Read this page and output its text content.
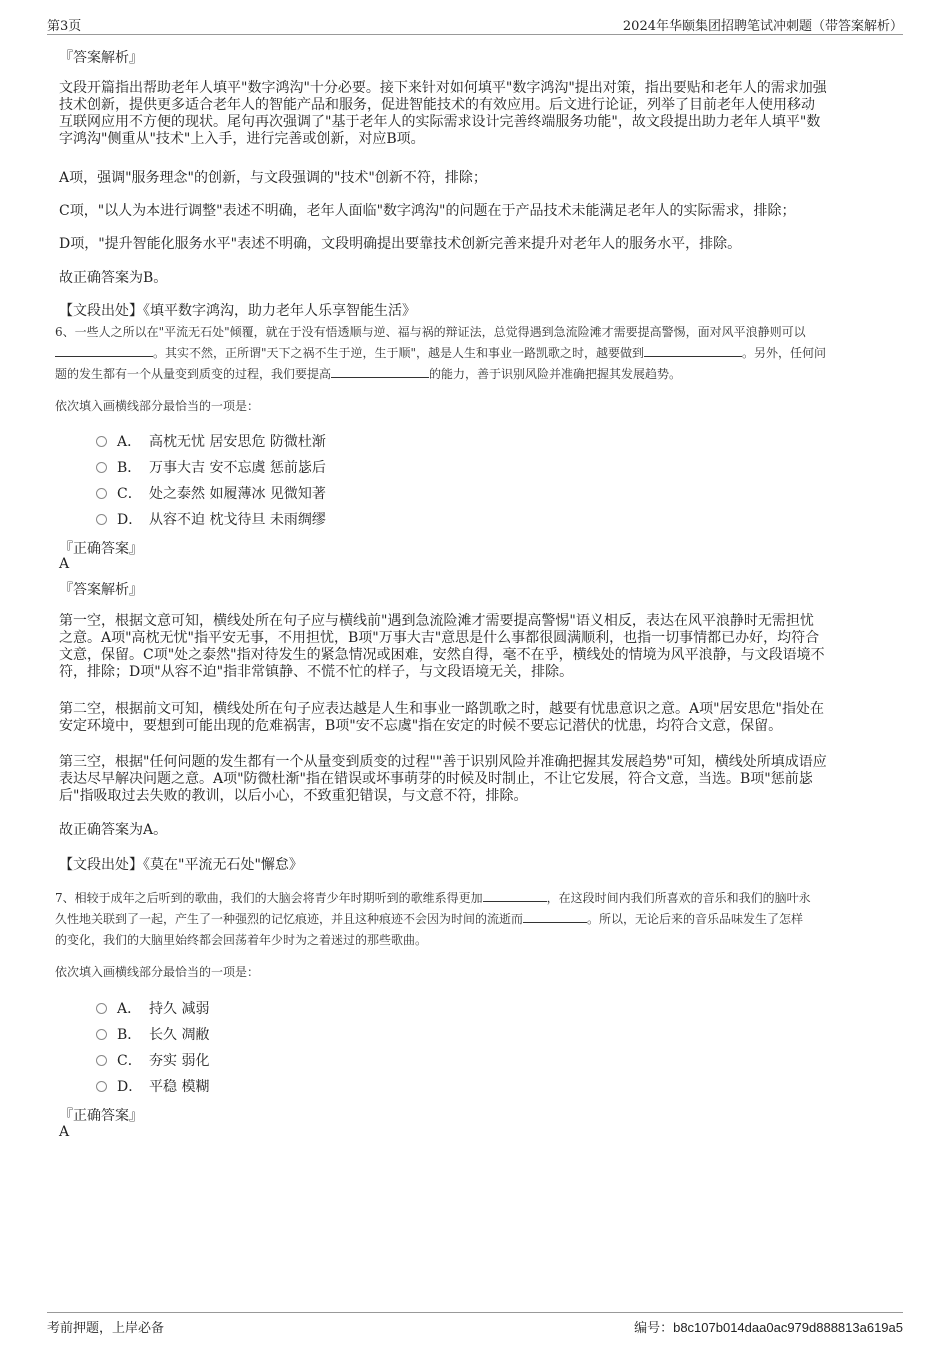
第3页	2024年华颐集团招聘笔试冲刺题（带答案解析）
『答案解析』
文段开篇指出帮助老年人填平"数字鸿沟"十分必要。接下来针对如何填平"数字鸿沟"提出对策，指出要贴和老年人的需求加强
技术创新，提供更多适合老年人的智能产品和服务，促进智能技术的有效应用。后文进行论证，列举了目前老年人使用移动
互联网应用不方便的现状。尾句再次强调了"基于老年人的实际需求设计完善终端服务功能"，故文段提出助力老年人填平"数
字鸿沟"侧重从"技术"上入手，进行完善或创新，对应B项。
A项，强调"服务理念"的创新，与文段强调的"技术"创新不符，排除；
C项，"以人为本进行调整"表述不明确，老年人面临"数字鸿沟"的问题在于产品技术未能满足老年人的实际需求，排除；
D项，"提升智能化服务水平"表述不明确，文段明确提出要靠技术创新完善来提升对老年人的服务水平，排除。
故正确答案为B。
【文段出处】《填平数字鸿沟，助力老年人乐享智能生活》
6、一些人之所以在"平流无石处"倾覆，就在于没有悟透顺与逆、福与祸的辩证法，总觉得遇到急流险滩才需要提高警惕，面对风平浪静则可以
。其实不然，正所谓"天下之祸不生于逆，生于顺"，越是人生和事业一路凯歌之时，越要做到	。另外，任何问
题的发生都有一个从量变到质变的过程，我们要提高	的能力，善于识别风险并准确把握其发展趋势。
依次填入画横线部分最恰当的一项是：
A． 高枕无忧 居安思危 防微杜渐
B． 万事大吉 安不忘虞 惩前毖后
C． 处之泰然 如履薄冰 见微知著
D． 从容不迫 枕戈待旦 未雨绸缪
『正确答案』
A
『答案解析』
第一空，根据文意可知，横线处所在句子应与横线前"遇到急流险滩才需要提高警惕"语义相反，表达在风平浪静时无需担忧
之意。A项"高枕无忧"指平安无事，不用担忧，B项"万事大吉"意思是什么事都很圆满顺利，也指一切事情都已办好，均符合
文意，保留。C项"处之泰然"指对待发生的紧急情况或困难，安然自得，毫不在乎，横线处的情境为风平浪静，与文段语境不
符，排除；D项"从容不迫"指非常镇静、不慌不忙的样子，与文段语境无关，排除。
第二空，根据前文可知，横线处所在句子应表达越是人生和事业一路凯歌之时，越要有忧患意识之意。A项"居安思危"指处在
安定环境中，要想到可能出现的危难祸害，B项"安不忘虞"指在安定的时候不要忘记潜伏的忧患，均符合文意，保留。
第三空，根据"任何问题的发生都有一个从量变到质变的过程""善于识别风险并准确把握其发展趋势"可知，横线处所填成语应
表达尽早解决问题之意。A项"防微杜渐"指在错误或坏事萌芽的时候及时制止，不让它发展，符合文意，当选。B项"惩前毖
后"指吸取过去失败的教训，以后小心，不致重犯错误，与文意不符，排除。
故正确答案为A。
【文段出处】《莫在"平流无石处"懈怠》
7、相较于成年之后听到的歌曲，我们的大脑会将青少年时期听到的歌维系得更加	，在这段时间内我们所喜欢的音乐和我们的脑叶永
久性地关联到了一起，产生了一种强烈的记忆痕迹，并且这种痕迹不会因为时间的流逝而	。所以，无论后来的音乐品味发生了怎样
的变化，我们的大脑里始终都会回荡着年少时为之着迷过的那些歌曲。
依次填入画横线部分最恰当的一项是：
A． 持久 减弱
B． 长久 凋敝
C． 夯实 弱化
D． 平稳 模糊
『正确答案』
A
考前押题，上岸必备	编号：b8c107b014daa0ac979d888813a619a5
